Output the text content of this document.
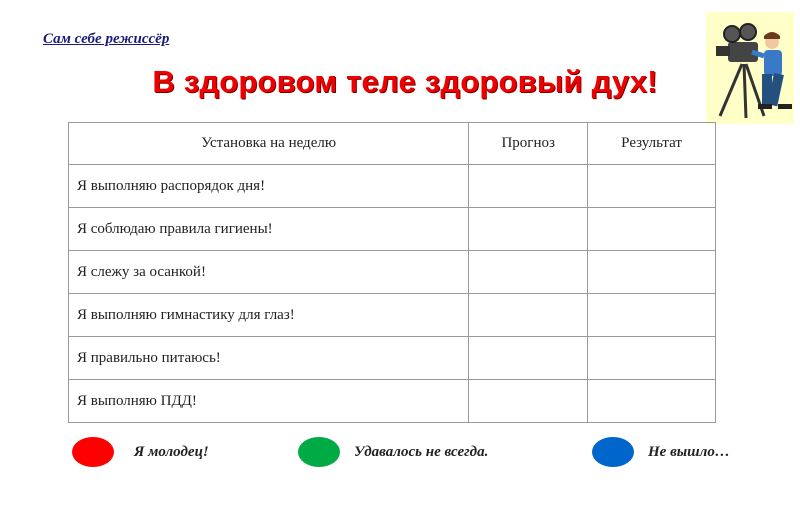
Сам себе режиссёр
В здоровом теле здоровый дух!
Установка на неделю	Прогноз	Результат
Я выполняю распорядок дня!		
Я соблюдаю правила гигиены!		
Я слежу за осанкой!		
Я выполняю гимнастику для глаз!		
Я правильно питаюсь!		
Я выполняю ПДД!		
Я молодец!	Удавалось не всегда.	Не вышло…
